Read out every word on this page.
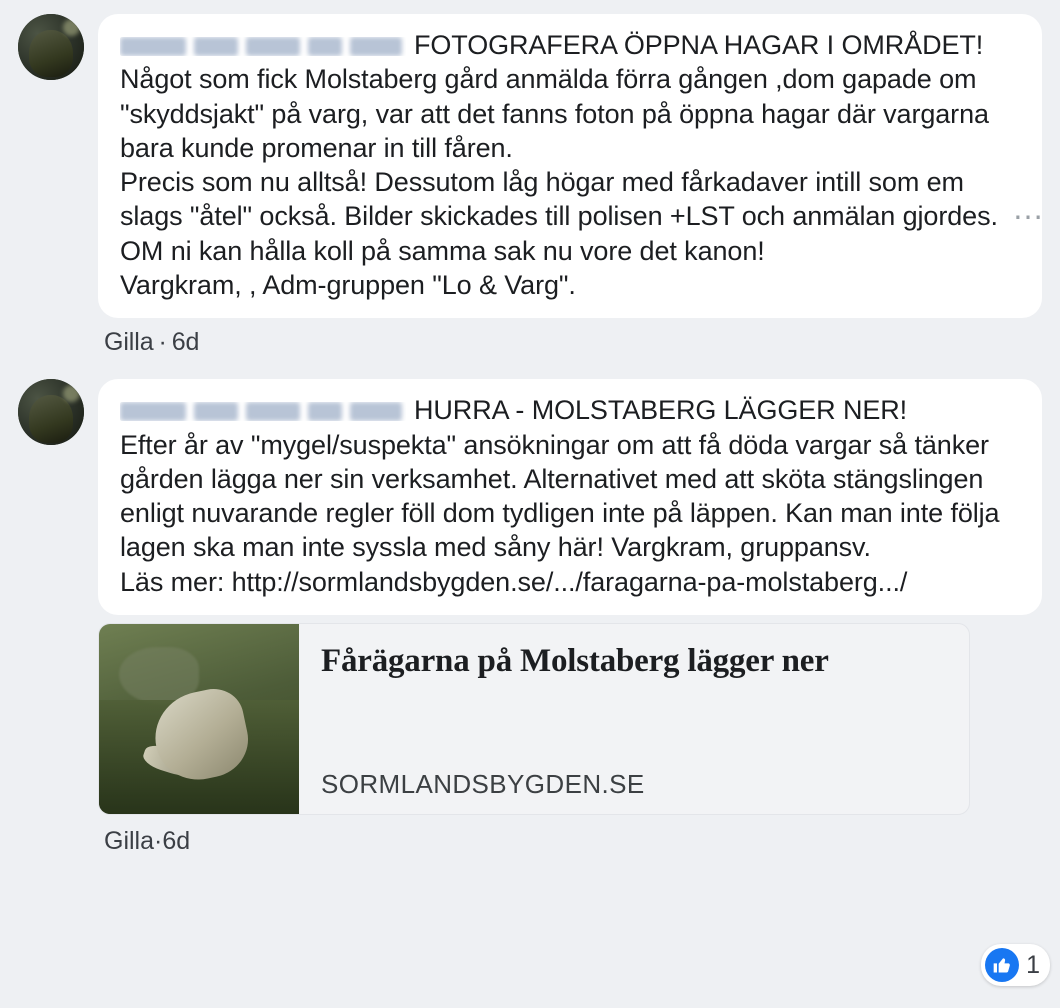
FOTOGRAFERA ÖPPNA HAGAR I OMRÅDET!

Något som fick Molstaberg gård anmälda förra gången ,dom gapade om "skyddsjakt" på varg, var att det fanns foton på öppna hagar där vargarna bara kunde promenar in till fåren.

Precis som nu alltså! Dessutom låg högar med fårkadaver intill som em slags "åtel" också. Bilder skickades till polisen +LST och anmälan gjordes.

OM ni kan hålla koll på samma sak nu vore det kanon!

Vargkram, , Adm-gruppen "Lo & Varg".

Gilla · 6d
…

HURRA - MOLSTABERG LÄGGER NER!

Efter år av "mygel/suspekta" ansökningar om att få döda vargar så tänker gården lägga ner sin verksamhet. Alternativet med att sköta stängslingen enligt nuvarande regler föll dom tydligen inte på läppen. Kan man inte följa lagen ska man inte syssla med såny här! Vargkram, gruppansv.

Läs mer: http://sormlandsbygden.se/.../faragarna-pa-molstaberg.../

Fårägarna på Molstaberg lägger ner
SORMLANDSBYGDEN.SE
Gilla·6d
1
